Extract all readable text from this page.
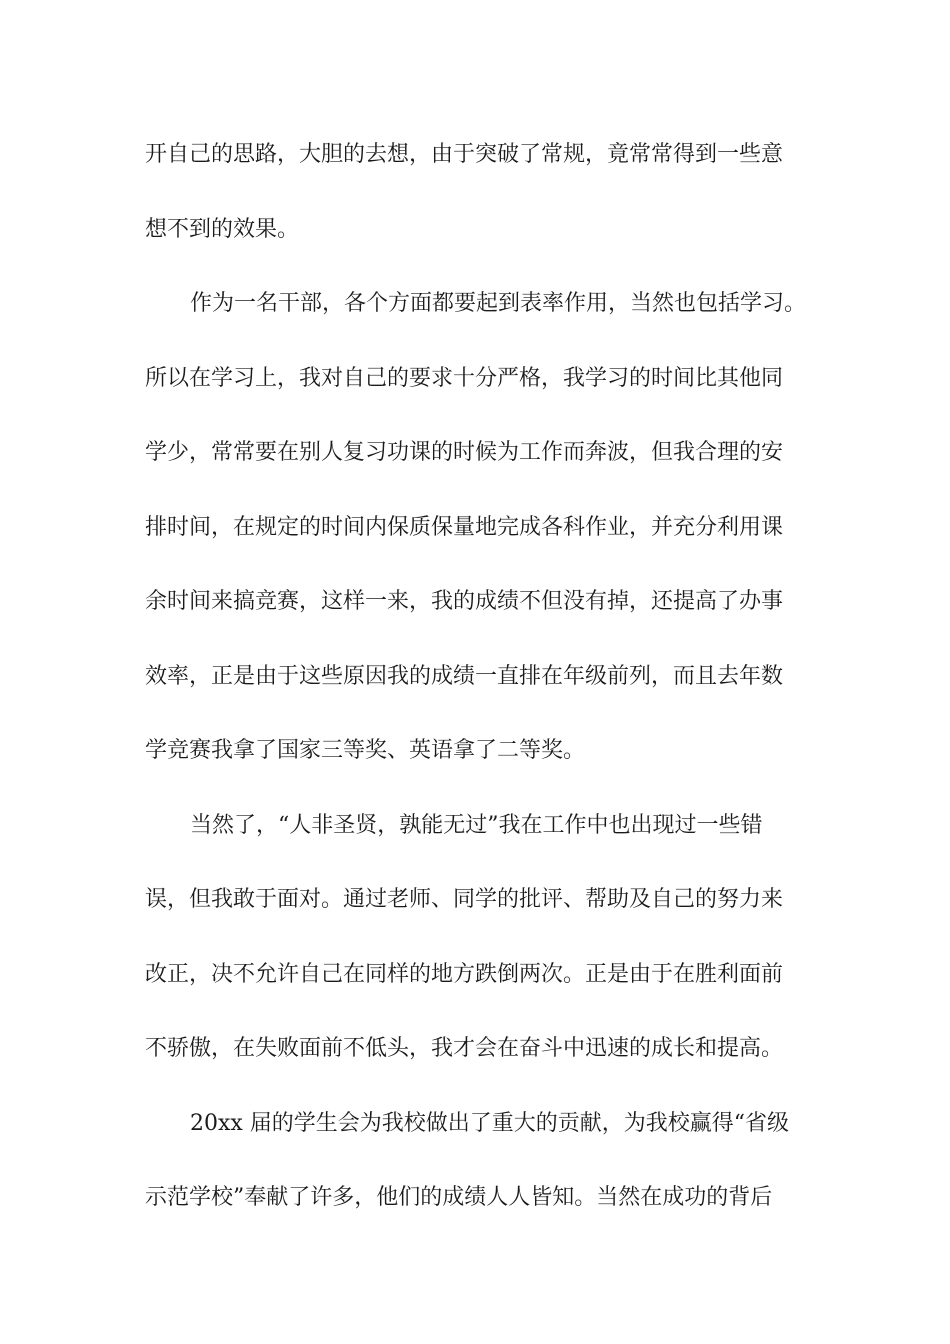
开自己的思路，大胆的去想，由于突破了常规，竟常常得到一些意
想不到的效果。
作为一名干部，各个方面都要起到表率作用，当然也包括学习。
所以在学习上，我对自己的要求十分严格，我学习的时间比其他同
学少，常常要在别人复习功课的时候为工作而奔波，但我合理的安
排时间，在规定的时间内保质保量地完成各科作业，并充分利用课
余时间来搞竞赛，这样一来，我的成绩不但没有掉，还提高了办事
效率，正是由于这些原因我的成绩一直排在年级前列，而且去年数
学竞赛我拿了国家三等奖、英语拿了二等奖。
当然了，“人非圣贤，孰能无过”我在工作中也出现过一些错
误，但我敢于面对。通过老师、同学的批评、帮助及自己的努力来
改正，决不允许自己在同样的地方跌倒两次。正是由于在胜利面前
不骄傲，在失败面前不低头，我才会在奋斗中迅速的成长和提高。
20xx 届的学生会为我校做出了重大的贡献，为我校赢得“省级
示范学校”奉献了许多，他们的成绩人人皆知。当然在成功的背后
